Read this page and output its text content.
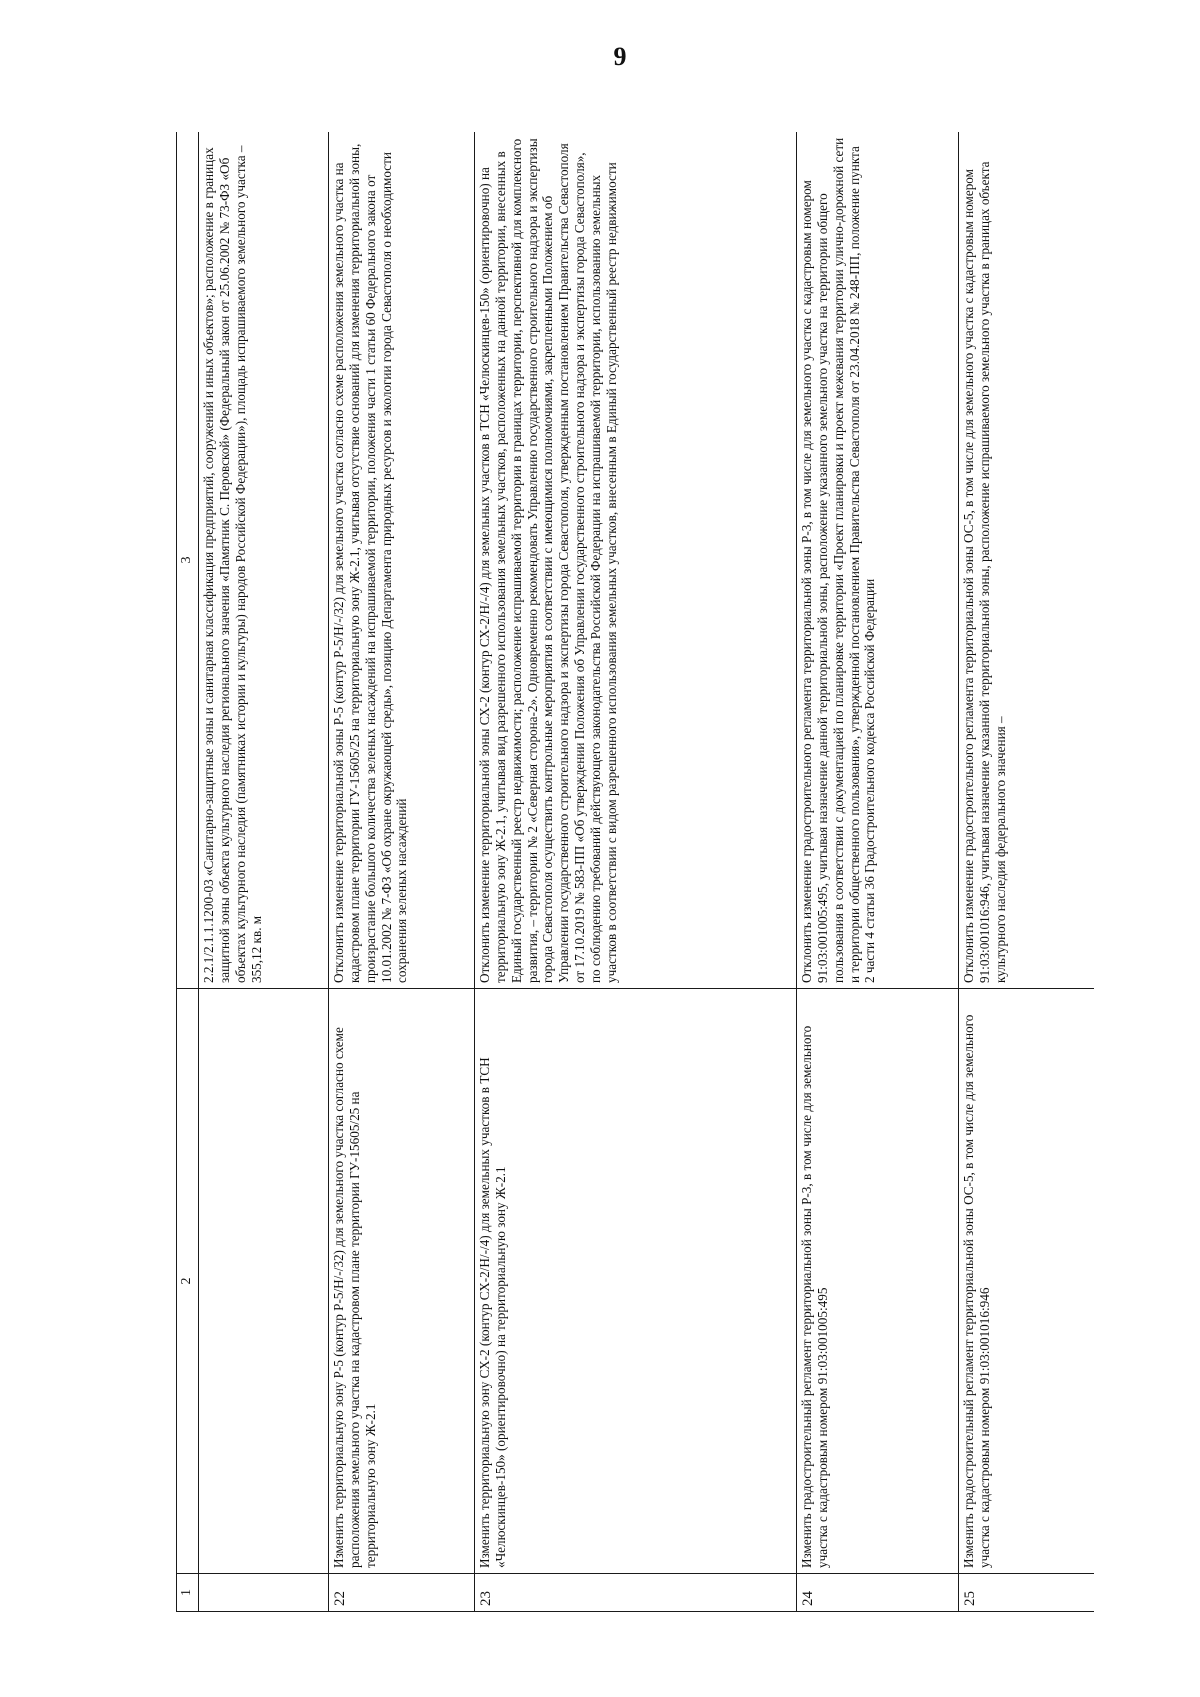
9
1	2	3
		2.2.1/2.1.1.1200-03 «Санитарно-защитные зоны и санитарная классификация предприятий, сооружений и иных объектов»; расположение в границах защитной зоны объекта культурного наследия регионального значения «Памятник С. Перовской» (Федеральный закон от 25.06.2002 № 73-ФЗ «Об объектах культурного наследия (памятниках истории и культуры) народов Российской Федерации»), площадь испрашиваемого земельного участка – 355,12 кв. м
22	Изменить территориальную зону Р-5 (контур Р-5/Н/-/32) для земельного участка согласно схеме расположения земельного участка на кадастровом плане территории ГУ-15605/25 на территориальную зону Ж-2.1	Отклонить изменение территориальной зоны Р-5 (контур Р-5/Н/-/32) для земельного участка согласно схеме расположения земельного участка на кадастровом плане территории ГУ-15605/25 на территориальную зону Ж-2.1, учитывая отсутствие оснований для изменения территориальной зоны, произрастание большого количества зеленых насаждений на испрашиваемой территории, положения части 1 статьи 60 Федерального закона от 10.01.2002 № 7-ФЗ «Об охране окружающей среды», позицию Департамента природных ресурсов и экологии города Севастополя о необходимости сохранения зеленых насаждений
23	Изменить территориальную зону СХ-2 (контур СХ-2/Н/-/4) для земельных участков в ТСН «Челюскинцев-150» (ориентировочно) на территориальную зону Ж-2.1	Отклонить изменение территориальной зоны СХ-2 (контур СХ-2/Н/-/4) для земельных участков в ТСН «Челюскинцев-150» (ориентировочно) на территориальную зону Ж-2.1, учитывая вид разрешенного использования земельных участков, расположенных на данной территории, внесенных в Единый государственный реестр недвижимости; расположение испрашиваемой территории в границах территории, перспективной для комплексного развития, – территории № 2 «Северная сторона-2». Одновременно рекомендовать Управлению государственного строительного надзора и экспертизы города Севастополя осуществить контрольные мероприятия в соответствии с имеющимися полномочиями, закрепленными Положением об Управлении государственного строительного надзора и экспертизы города Севастополя, утвержденным постановлением Правительства Севастополя от 17.10.2019 № 583-ПП «Об утверждении Положения об Управлении государственного строительного надзора и экспертизы города Севастополя», по соблюдению требований действующего законодательства Российской Федерации на испрашиваемой территории, использованию земельных участков в соответствии с видом разрешенного использования земельных участков, внесенным в Единый государственный реестр недвижимости
24	Изменить градостроительный регламент территориальной зоны Р-3, в том числе для земельного участка с кадастровым номером 91:03:001005:495	Отклонить изменение градостроительного регламента территориальной зоны Р-3, в том числе для земельного участка с кадастровым номером 91:03:001005:495, учитывая назначение данной территориальной зоны, расположение указанного земельного участка на территории общего пользования в соответствии с документацией по планировке территории «Проект планировки и проект межевания территории улично-дорожной сети и территории общественного пользования», утвержденной постановлением Правительства Севастополя от 23.04.2018 № 248-ПП, положение пункта 2 части 4 статьи 36 Градостроительного кодекса Российской Федерации
25	Изменить градостроительный регламент территориальной зоны ОС-5, в том числе для земельного участка с кадастровым номером 91:03:001016:946	Отклонить изменение градостроительного регламента территориальной зоны ОС-5, в том числе для земельного участка с кадастровым номером 91:03:001016:946, учитывая назначение указанной территориальной зоны, расположение испрашиваемого земельного участка в границах объекта культурного наследия федерального значения –
